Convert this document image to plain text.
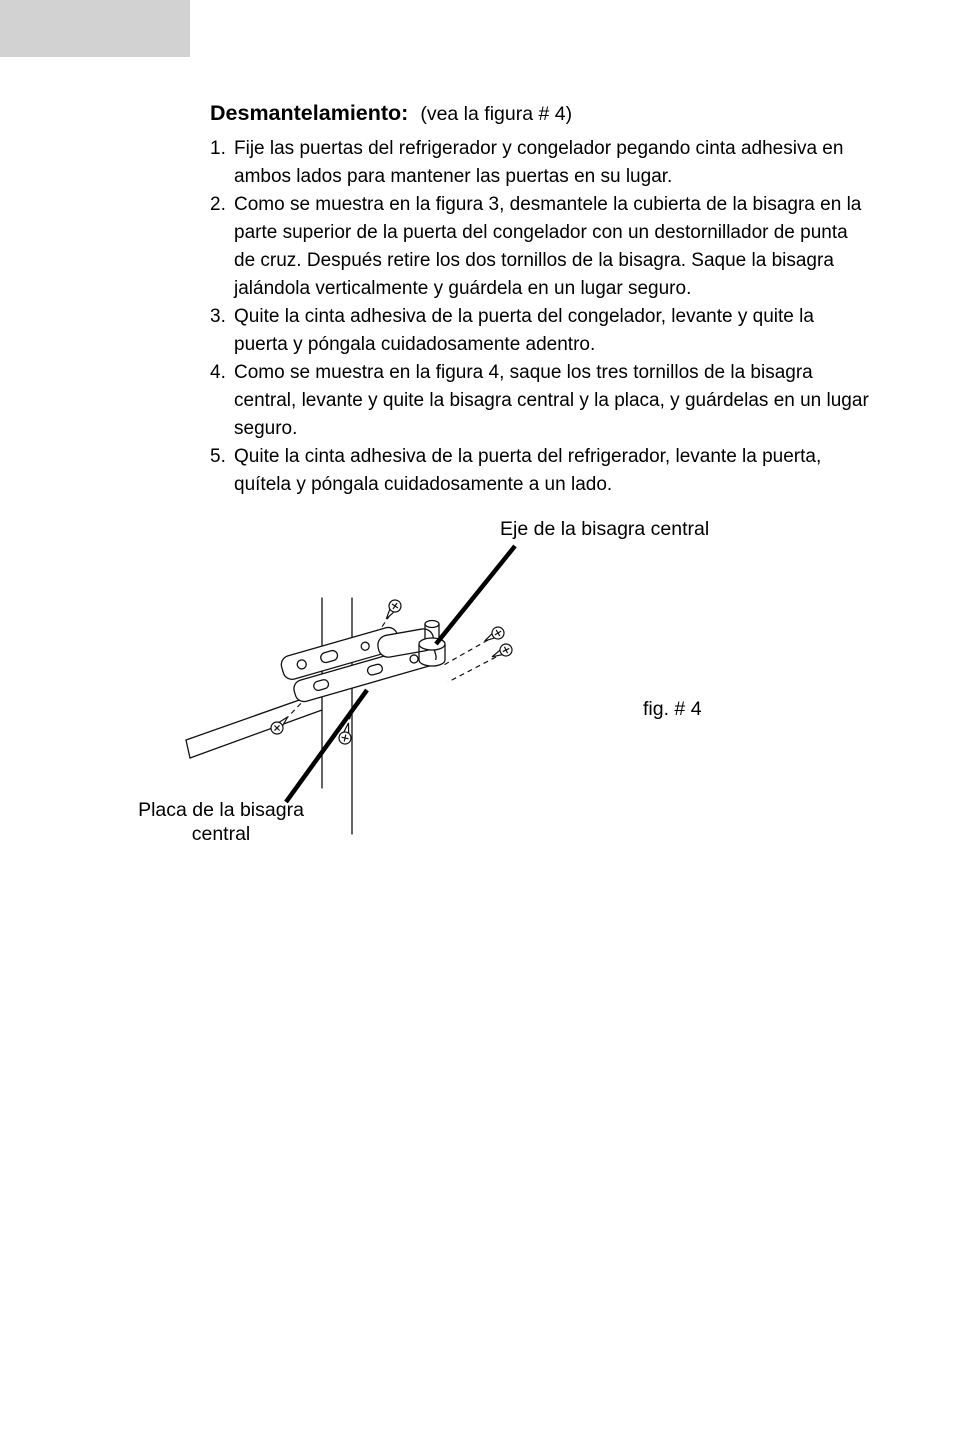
Desmantelamiento: (vea la figura # 4)
1. Fije las puertas del refrigerador y congelador pegando cinta adhesiva en ambos lados para mantener las puertas en su lugar.
2. Como se muestra en la figura 3, desmantele la cubierta de la bisagra en la parte superior de la puerta del congelador con un destornillador de punta de cruz. Después retire los dos tornillos de la bisagra. Saque la bisagra jalándola verticalmente y guárdela en un lugar seguro.
3. Quite la cinta adhesiva de la puerta del congelador, levante y quite la puerta y póngala cuidadosamente adentro.
4. Como se muestra en la figura 4, saque los tres tornillos de la bisagra central, levante y quite la bisagra central y la placa, y guárdelas en un lugar seguro.
5. Quite la cinta adhesiva de la puerta del refrigerador, levante la puerta, quítela y póngala cuidadosamente a un lado.
Eje de la bisagra central
fig. # 4
Placa de la bisagra
central
